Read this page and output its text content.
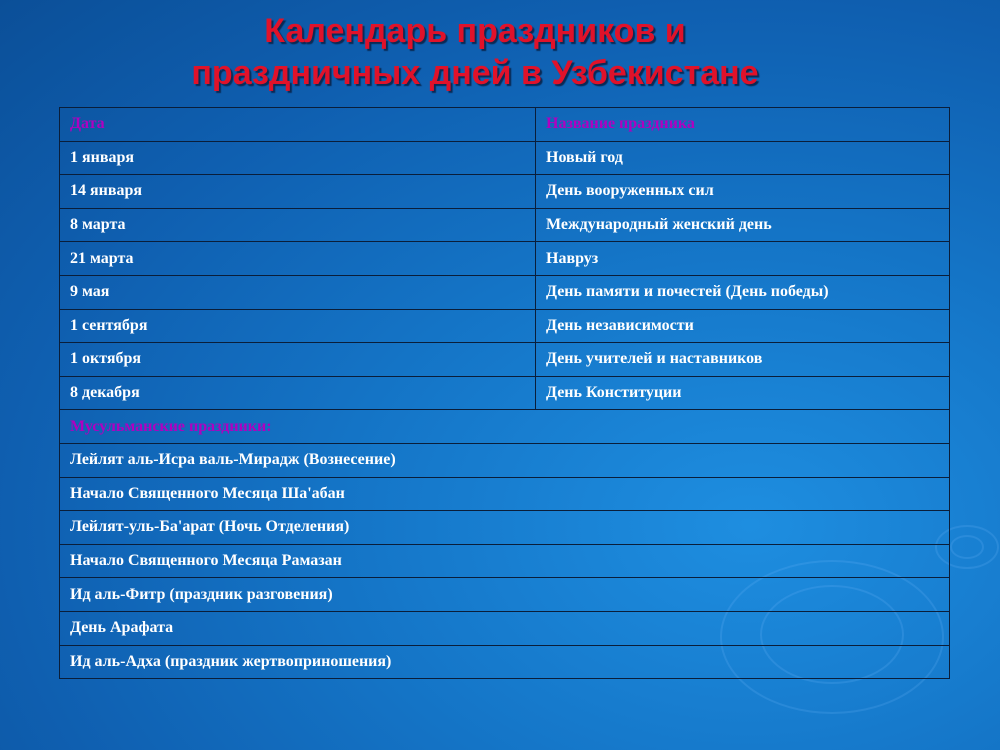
Календарь праздников и
праздничных дней в Узбекистане
Дата	Название праздника
1 января	Новый год
14 января	День вооруженных сил
8 марта	Международный женский день
21 марта	Навруз
9 мая	День памяти и почестей (День победы)
1 сентября	День независимости
1 октября	День учителей и наставников
8 декабря	День Конституции
Мусульманские праздники:	
Лейлят аль-Исра валь-Мирадж (Вознесение)	
Начало Священного Месяца Ша'абан	
Лейлят-уль-Ба'арат (Ночь Отделения)	
Начало Священного Месяца Рамазан	
Ид аль-Фитр (праздник разговения)	
День Арафата	
Ид аль-Адха (праздник жертвоприношения)	
